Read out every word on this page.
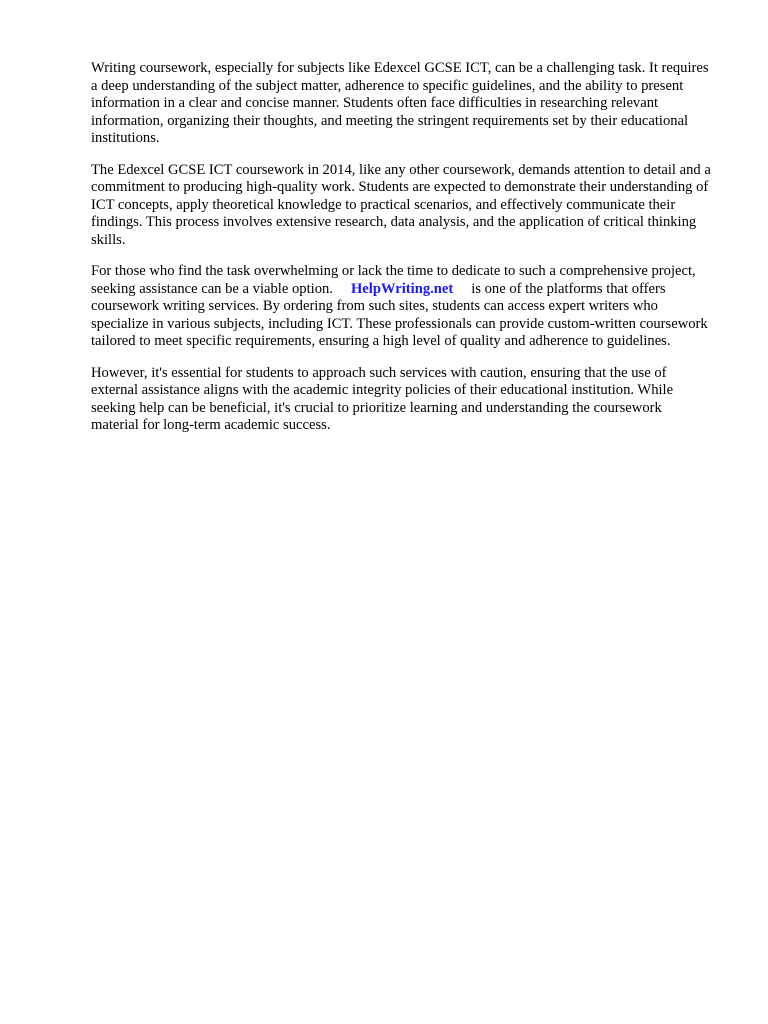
Writing coursework, especially for subjects like Edexcel GCSE ICT, can be a challenging task. It requires a deep understanding of the subject matter, adherence to specific guidelines, and the ability to present information in a clear and concise manner. Students often face difficulties in researching relevant information, organizing their thoughts, and meeting the stringent requirements set by their educational institutions.

The Edexcel GCSE ICT coursework in 2014, like any other coursework, demands attention to detail and a commitment to producing high-quality work. Students are expected to demonstrate their understanding of ICT concepts, apply theoretical knowledge to practical scenarios, and effectively communicate their findings. This process involves extensive research, data analysis, and the application of critical thinking skills.

For those who find the task overwhelming or lack the time to dedicate to such a comprehensive project, seeking assistance can be a viable option. HelpWriting.net is one of the platforms that offers coursework writing services. By ordering from such sites, students can access expert writers who specialize in various subjects, including ICT. These professionals can provide custom-written coursework tailored to meet specific requirements, ensuring a high level of quality and adherence to guidelines.

However, it's essential for students to approach such services with caution, ensuring that the use of external assistance aligns with the academic integrity policies of their educational institution. While seeking help can be beneficial, it's crucial to prioritize learning and understanding the coursework material for long-term academic success.
